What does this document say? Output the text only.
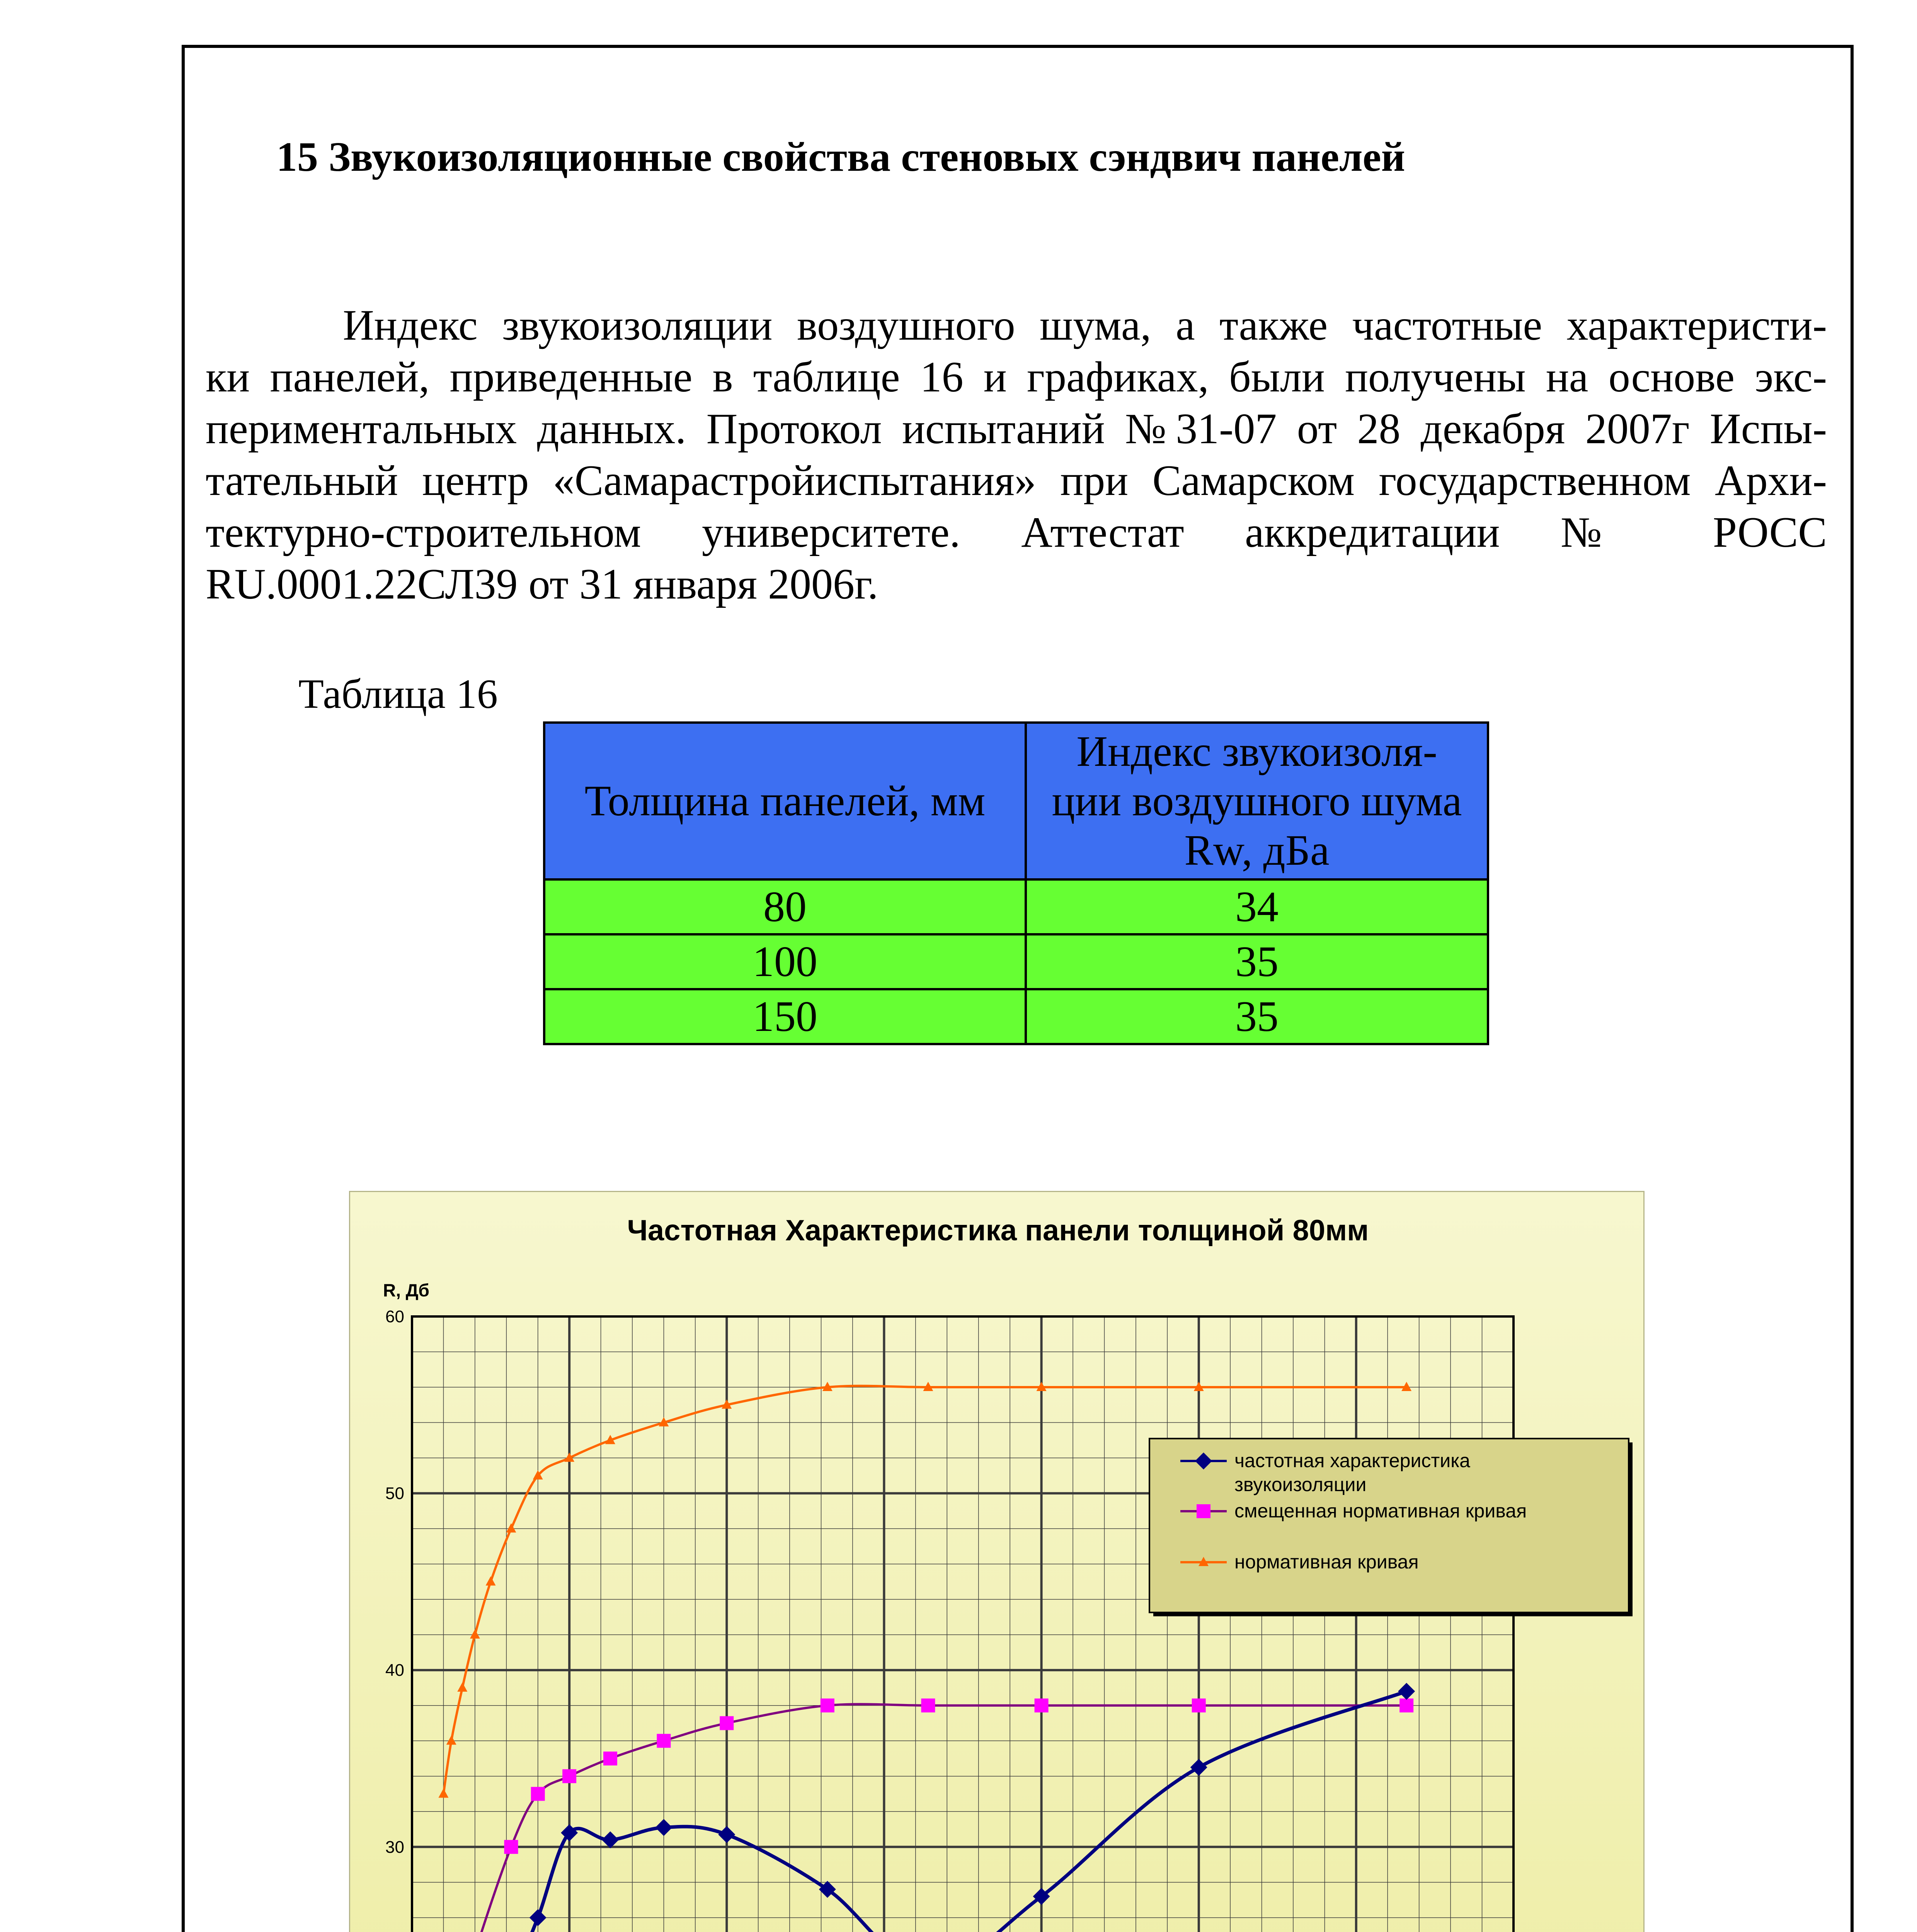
15 Звукоизоляционные свойства стеновых сэндвич панелей
Индекс звукоизоляции воздушного шума, а также частотные характеристи-
ки панелей, приведенные в таблице 16 и графиках, были получены на основе экс-
периментальных данных. Протокол испытаний №31-07 от 28 декабря 2007г Испы-
тательный центр «Самарастройиспытания» при Самарском государственном Архи-
тектурно-строительном университете. Аттестат аккредитации № РОСС
RU.0001.22СЛ39 от 31 января 2006г.
Таблица 16
Толщина панелей, мм	Индекс звукоизоля-
ции воздушного шума
Rw, дБа

80	34
100	35
150	35
30
40
50
60
Частотная Характеристика панели толщиной 80мм
R, Дб
частотная характеристика
звукоизоляции
смещенная нормативная кривая
нормативная кривая
